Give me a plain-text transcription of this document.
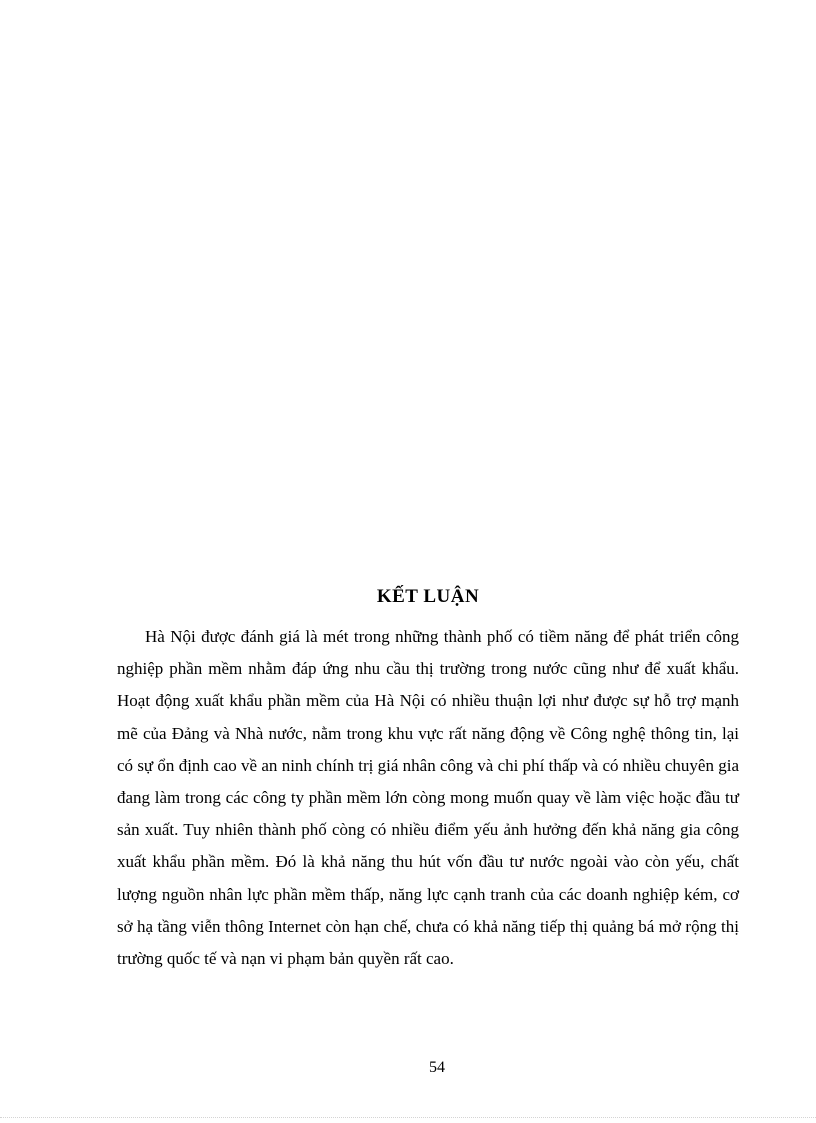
KẾT LUẬN

Hà Nội được đánh giá là mét trong những thành phố có tiềm năng để phát triển công nghiệp phần mềm nhằm đáp ứng nhu cầu thị trường trong nước cũng như để xuất khẩu. Hoạt động xuất khẩu phần mềm của Hà Nội có nhiều thuận lợi như được sự hỗ trợ mạnh mẽ của Đảng và Nhà nước, nằm trong khu vực rất năng động về Công nghệ thông tin, lại có sự ổn định cao về an ninh chính trị giá nhân công và chi phí thấp và có nhiều chuyên gia đang làm trong các công ty phần mềm lớn còng mong muốn quay về làm việc hoặc đầu tư sản xuất. Tuy nhiên thành phố còng có nhiều điểm yếu ảnh hưởng đến khả năng gia công xuất khẩu phần mềm. Đó là khả năng thu hút vốn đầu tư nước ngoài vào còn yếu, chất lượng nguồn nhân lực phần mềm thấp, năng lực cạnh tranh của các doanh nghiệp kém, cơ sở hạ tầng viễn thông Internet còn hạn chế, chưa có khả năng tiếp thị quảng bá mở rộng thị trường quốc tế và nạn vi phạm bản quyền rất cao.

54
